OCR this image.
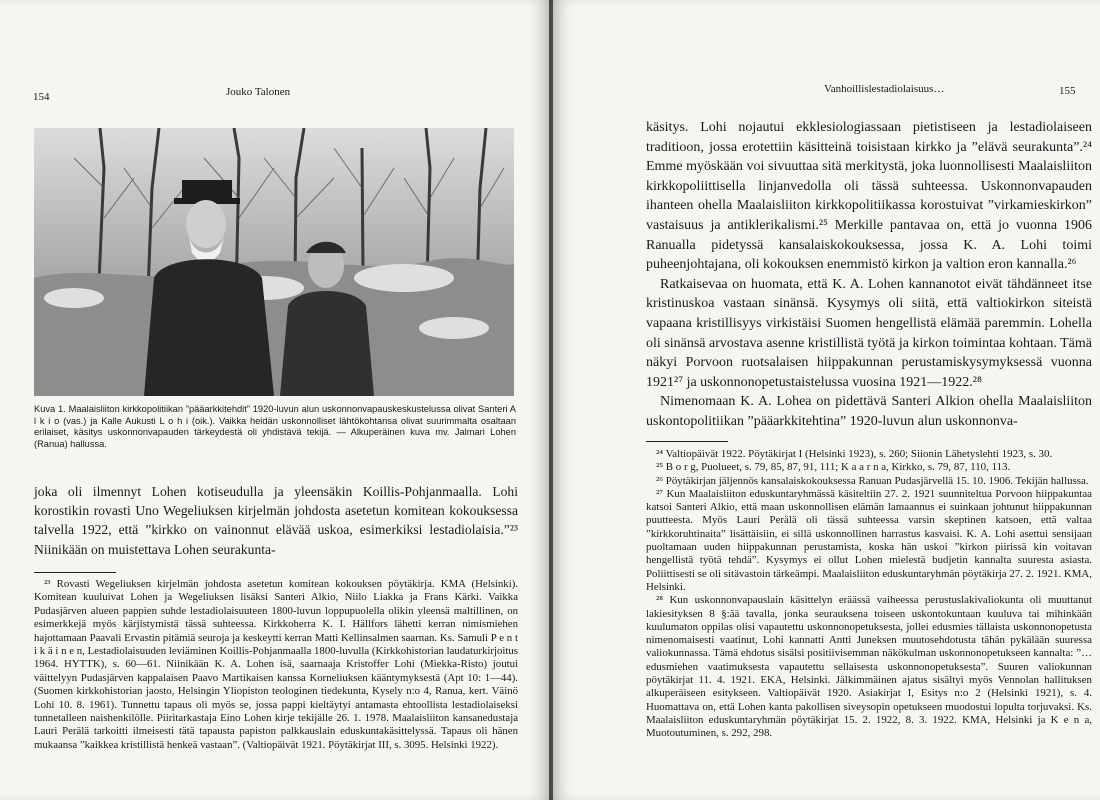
154	Jouko Talonen
Kuva 1. Maalaisliiton kirkkopolitiikan ”pääarkkitehdit” 1920-luvun alun uskonnonvapauskeskustelussa olivat Santeri A l k i o (vas.) ja Kalle Aukusti L o h i (oik.). Vaikka heidän uskonnolliset lähtökohtansa olivat suurimmalta osaltaan erilaiset, käsitys uskonnonvapauden tärkeydestä oli yhdistävä tekijä. — Alkuperäinen kuva mv. Jalmari Lohen (Ranua) hallussa.

joka oli ilmennyt Lohen kotiseudulla ja yleensäkin Koillis-Pohjanmaalla. Lohi korostikin rovasti Uno Wegeliuksen kirjelmän johdosta asetetun komitean kokouksessa talvella 1922, että ”kirkko on vainonnut elävää uskoa, esimerkiksi lestadiolaisia.”²³ Niinikään on muistettava Lohen seurakunta-

²³ Rovasti Wegeliuksen kirjelmän johdosta asetetun komitean kokouksen pöytäkirja. KMA (Helsinki). Komitean kuuluivat Lohen ja Wegeliuksen lisäksi Santeri Alkio, Niilo Liakka ja Frans Kärki. Vaikka Pudasjärven alueen pappien suhde lestadiolaisuuteen 1800-luvun loppupuolella olikin yleensä maltillinen, on esimerkkejä myös kärjistymistä tässä suhteessa. Kirkkoherra K. I. Hällfors lähetti kerran nimismiehen hajottamaan Paavali Ervastin pitämiä seuroja ja keskeytti kerran Matti Kellinsalmen saarnan. Ks. Samuli P e n t i k ä i n e n, Lestadiolaisuuden leviäminen Koillis-Pohjanmaalla 1800-luvulla (Kirkkohistorian laudaturkirjoitus 1964. HYTTK), s. 60—61. Niinikään K. A. Lohen isä, saarnaaja Kristoffer Lohi (Miekka-Risto) joutui väittelyyn Pudasjärven kappalaisen Paavo Martikaisen kanssa Korneliuksen kääntymyksestä (Apt 10: 1—44). (Suomen kirkkohistorian jaosto, Helsingin Yliopiston teologinen tiedekunta, Kysely n:o 4, Ranua, kert. Väinö Lohi 10. 8. 1961). Tunnettu tapaus oli myös se, jossa pappi kieltäytyi antamasta ehtoollista lestadiolaiseksi tunnetalleen naishenkilölle. Piiritarkastaja Eino Lohen kirje tekijälle 26. 1. 1978. Maalaisliiton kansanedustaja Lauri Perälä tarkoitti ilmeisesti tätä tapausta papiston palkkauslain eduskuntakäsittelyssä. Tapaus oli hänen mukaansa ”kaikkea kristillistä henkeä vastaan”. (Valtiopäivät 1921. Pöytäkirjat III, s. 3095. Helsinki 1922).

Vanhoillislestadiolaisuus…	155

käsitys. Lohi nojautui ekklesiologiassaan pietistiseen ja lestadiolaiseen traditioon, jossa erotettiin käsitteinä toisistaan kirkko ja ”elävä seurakunta”.²⁴ Emme myöskään voi sivuuttaa sitä merkitystä, joka luonnollisesti Maalaisliiton kirkkopoliittisella linjanvedolla oli tässä suhteessa. Uskonnonvapauden ihanteen ohella Maalaisliiton kirkkopolitiikassa korostuivat ”virkamieskirkon” vastaisuus ja antiklerikalismi.²⁵ Merkille pantavaa on, että jo vuonna 1906 Ranualla pidetyssä kansalaiskokouksessa, jossa K. A. Lohi toimi puheenjohtajana, oli kokouksen enemmistö kirkon ja valtion eron kannalla.²⁶

Ratkaisevaa on huomata, että K. A. Lohen kannanotot eivät tähdänneet itse kristinuskoa vastaan sinänsä. Kysymys oli siitä, että valtiokirkon siteistä vapaana kristillisyys virkistäisi Suomen hengellistä elämää paremmin. Lohella oli sinänsä arvostava asenne kristillistä työtä ja kirkon toimintaa kohtaan. Tämä näkyi Porvoon ruotsalaisen hiippakunnan perustamiskysymyksessä vuonna 1921²⁷ ja uskonnonopetustaistelussa vuosina 1921—1922.²⁸

Nimenomaan K. A. Lohea on pidettävä Santeri Alkion ohella Maalaisliiton uskontopolitiikan ”pääarkkitehtina” 1920-luvun alun uskonnonva-

²⁴ Valtiopäivät 1922. Pöytäkirjat I (Helsinki 1923), s. 260; Siionin Lähetyslehti 1923, s. 30.

²⁵ B o r g, Puolueet, s. 79, 85, 87, 91, 111; K a a r n a, Kirkko, s. 79, 87, 110, 113.

²⁶ Pöytäkirjan jäljennös kansalaiskokouksessa Ranuan Pudasjärvellä 15. 10. 1906. Tekijän hallussa.

²⁷ Kun Maalaisliiton eduskuntaryhmässä käsiteltiin 27. 2. 1921 suunniteltua Porvoon hiippakuntaa katsoi Santeri Alkio, että maan uskonnollisen elämän lamaannus ei suinkaan johtunut hiippakunnan puutteesta. Myös Lauri Perälä oli tässä suhteessa varsin skeptinen katsoen, että valtaa ”kirkkoruhtinaita” lisättäisiin, ei sillä uskonnollinen harrastus kasvaisi. K. A. Lohi asettui sensijaan puoltamaan uuden hiippakunnan perustamista, koska hän uskoi ”kirkon piirissä kin voitavan hengellistä työtä tehdä”. Kysymys ei ollut Lohen mielestä budjetin kannalta suuresta asiasta. Poliittisesti se oli sitävastoin tärkeämpi. Maalaisliiton eduskuntaryhmän pöytäkirja 27. 2. 1921. KMA, Helsinki.

²⁸ Kun uskonnonvapauslain käsittelyn eräässä vaiheessa perustuslakivaliokunta oli muuttanut lakiesityksen 8 §:ää tavalla, jonka seurauksena toiseen uskontokuntaan kuuluva tai mihinkään kuulumaton oppilas olisi vapautettu uskonnonopetuksesta, jollei edusmies tällaista uskonnonopetusta nimenomaisesti vaatinut, Lohi kannatti Antti Juneksen muutosehdotusta tähän pykälään suuressa valiokunnassa. Tämä ehdotus sisälsi positiivisemman näkökulman uskonnonopetukseen kannalta: ”…edusmiehen vaatimuksesta vapautettu sellaisesta uskonnonopetuksesta”. Suuren valiokunnan pöytäkirjat 11. 4. 1921. EKA, Helsinki. Jälkimmäinen ajatus sisältyi myös Vennolan hallituksen alkuperäiseen esitykseen. Valtiopäivät 1920. Asiakirjat I, Esitys n:o 2 (Helsinki 1921), s. 4. Huomattava on, että Lohen kanta pakollisen siveysopin opetukseen muodostui lopulta torjuvaksi. Ks. Maalaisliiton eduskuntaryhmän pöytäkirjat 15. 2. 1922, 8. 3. 1922. KMA, Helsinki ja K e n a, Muotoutuminen, s. 292, 298.
